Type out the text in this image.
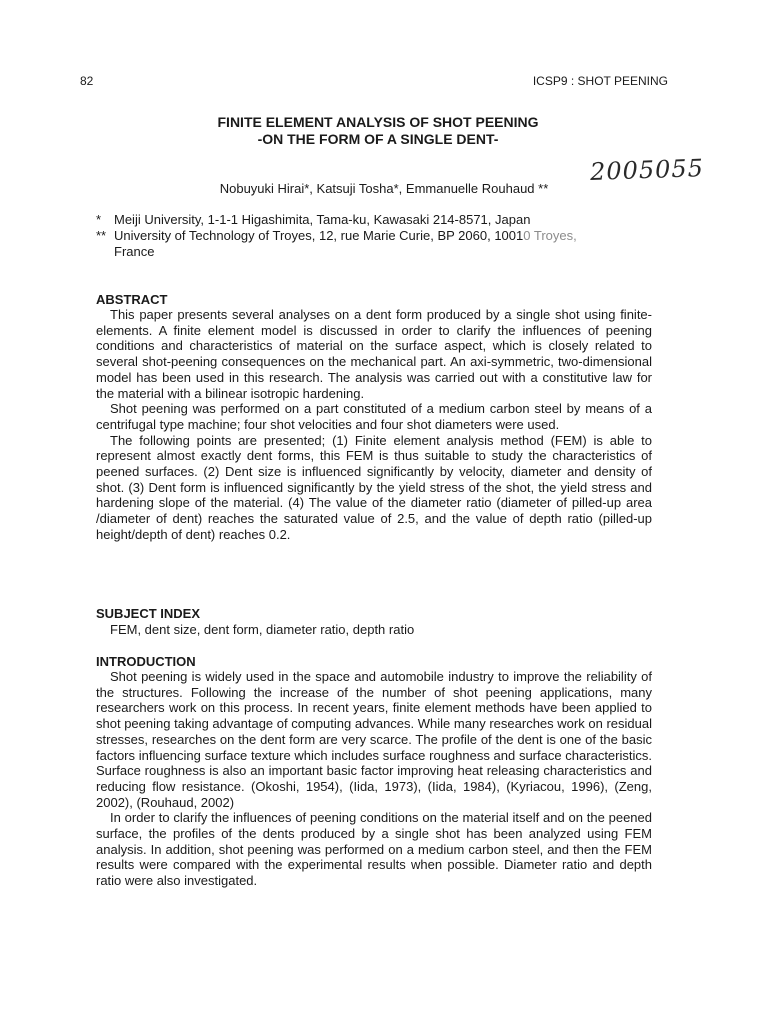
82	ICSP9 : SHOT PEENING
FINITE ELEMENT ANALYSIS OF SHOT PEENING
-ON THE FORM OF A SINGLE DENT-
2005055
Nobuyuki Hirai*, Katsuji Tosha*, Emmanuelle Rouhaud **
* Meiji University, 1-1-1 Higashimita, Tama-ku, Kawasaki 214-8571, Japan
** University of Technology of Troyes, 12, rue Marie Curie, BP 2060, 10010 Troyes,
France
ABSTRACT

This paper presents several analyses on a dent form produced by a single shot using finite-elements. A finite element model is discussed in order to clarify the influences of peening conditions and characteristics of material on the surface aspect, which is closely related to several shot-peening consequences on the mechanical part. An axi-symmetric, two-dimensional model has been used in this research. The analysis was carried out with a constitutive law for the material with a bilinear isotropic hardening.

Shot peening was performed on a part constituted of a medium carbon steel by means of a centrifugal type machine; four shot velocities and four shot diameters were used.

The following points are presented; (1) Finite element analysis method (FEM) is able to represent almost exactly dent forms, this FEM is thus suitable to study the characteristics of peened surfaces. (2) Dent size is influenced significantly by velocity, diameter and density of shot. (3) Dent form is influenced significantly by the yield stress of the shot, the yield stress and hardening slope of the material. (4) The value of the diameter ratio (diameter of pilled-up area /diameter of dent) reaches the saturated value of 2.5, and the value of depth ratio (pilled-up height/depth of dent) reaches 0.2.

SUBJECT INDEX
FEM, dent size, dent form, diameter ratio, depth ratio
INTRODUCTION

Shot peening is widely used in the space and automobile industry to improve the reliability of the structures. Following the increase of the number of shot peening applications, many researchers work on this process. In recent years, finite element methods have been applied to shot peening taking advantage of computing advances. While many researches work on residual stresses, researches on the dent form are very scarce. The profile of the dent is one of the basic factors influencing surface texture which includes surface roughness and surface characteristics. Surface roughness is also an important basic factor improving heat releasing characteristics and reducing flow resistance. (Okoshi, 1954), (Iida, 1973), (Iida, 1984), (Kyriacou, 1996), (Zeng, 2002), (Rouhaud, 2002)

In order to clarify the influences of peening conditions on the material itself and on the peened surface, the profiles of the dents produced by a single shot has been analyzed using FEM analysis. In addition, shot peening was performed on a medium carbon steel, and then the FEM results were compared with the experimental results when possible. Diameter ratio and depth ratio were also investigated.
